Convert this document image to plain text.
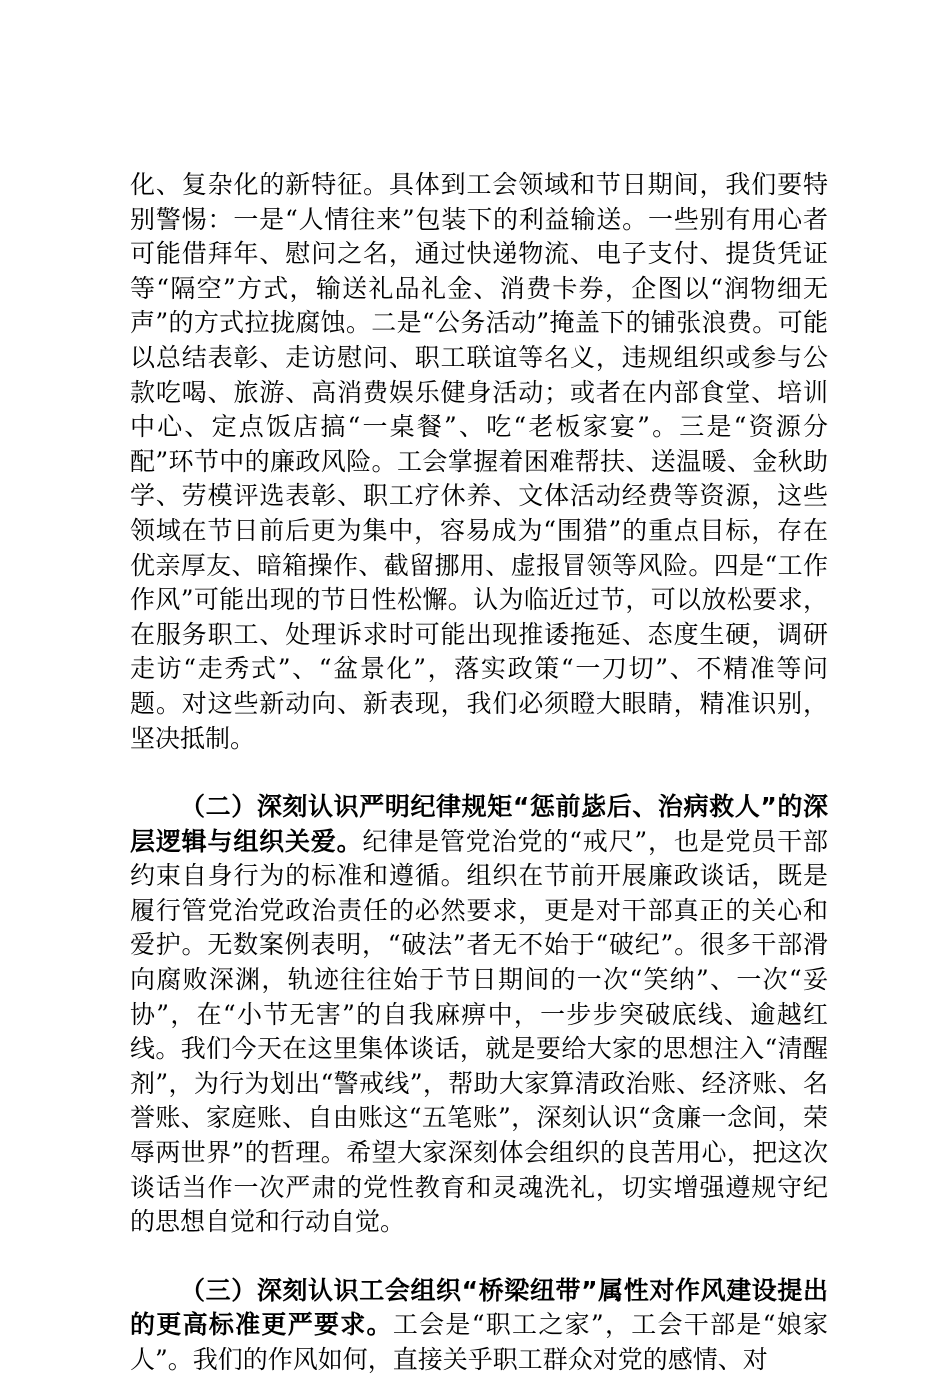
化、复杂化的新特征。具体到工会领域和节日期间，我们要特别警惕：一是“人情往来”包装下的利益输送。一些别有用心者可能借拜年、慰问之名，通过快递物流、电子支付、提货凭证等“隔空”方式，输送礼品礼金、消费卡券，企图以“润物细无声”的方式拉拢腐蚀。二是“公务活动”掩盖下的铺张浪费。可能以总结表彰、走访慰问、职工联谊等名义，违规组织或参与公款吃喝、旅游、高消费娱乐健身活动；或者在内部食堂、培训中心、定点饭店搞“一桌餐”、吃“老板家宴”。三是“资源分配”环节中的廉政风险。工会掌握着困难帮扶、送温暖、金秋助学、劳模评选表彰、职工疗休养、文体活动经费等资源，这些领域在节日前后更为集中，容易成为“围猎”的重点目标，存在优亲厚友、暗箱操作、截留挪用、虚报冒领等风险。四是“工作作风”可能出现的节日性松懈。认为临近过节，可以放松要求，在服务职工、处理诉求时可能出现推诿拖延、态度生硬，调研走访“走秀式”、“盆景化”，落实政策“一刀切”、不精准等问题。对这些新动向、新表现，我们必须瞪大眼睛，精准识别，坚决抵制。

（二）深刻认识严明纪律规矩“惩前毖后、治病救人”的深层逻辑与组织关爱。纪律是管党治党的“戒尺”，也是党员干部约束自身行为的标准和遵循。组织在节前开展廉政谈话，既是履行管党治党政治责任的必然要求，更是对干部真正的关心和爱护。无数案例表明，“破法”者无不始于“破纪”。很多干部滑向腐败深渊，轨迹往往始于节日期间的一次“笑纳”、一次“妥协”，在“小节无害”的自我麻痹中，一步步突破底线、逾越红线。我们今天在这里集体谈话，就是要给大家的思想注入“清醒剂”，为行为划出“警戒线”，帮助大家算清政治账、经济账、名誉账、家庭账、自由账这“五笔账”，深刻认识“贪廉一念间，荣辱两世界”的哲理。希望大家深刻体会组织的良苦用心，把这次谈话当作一次严肃的党性教育和灵魂洗礼，切实增强遵规守纪的思想自觉和行动自觉。

（三）深刻认识工会组织“桥梁纽带”属性对作风建设提出的更高标准更严要求。工会是“职工之家”，工会干部是“娘家人”。我们的作风如何，直接关乎职工群众对党的感情、对
